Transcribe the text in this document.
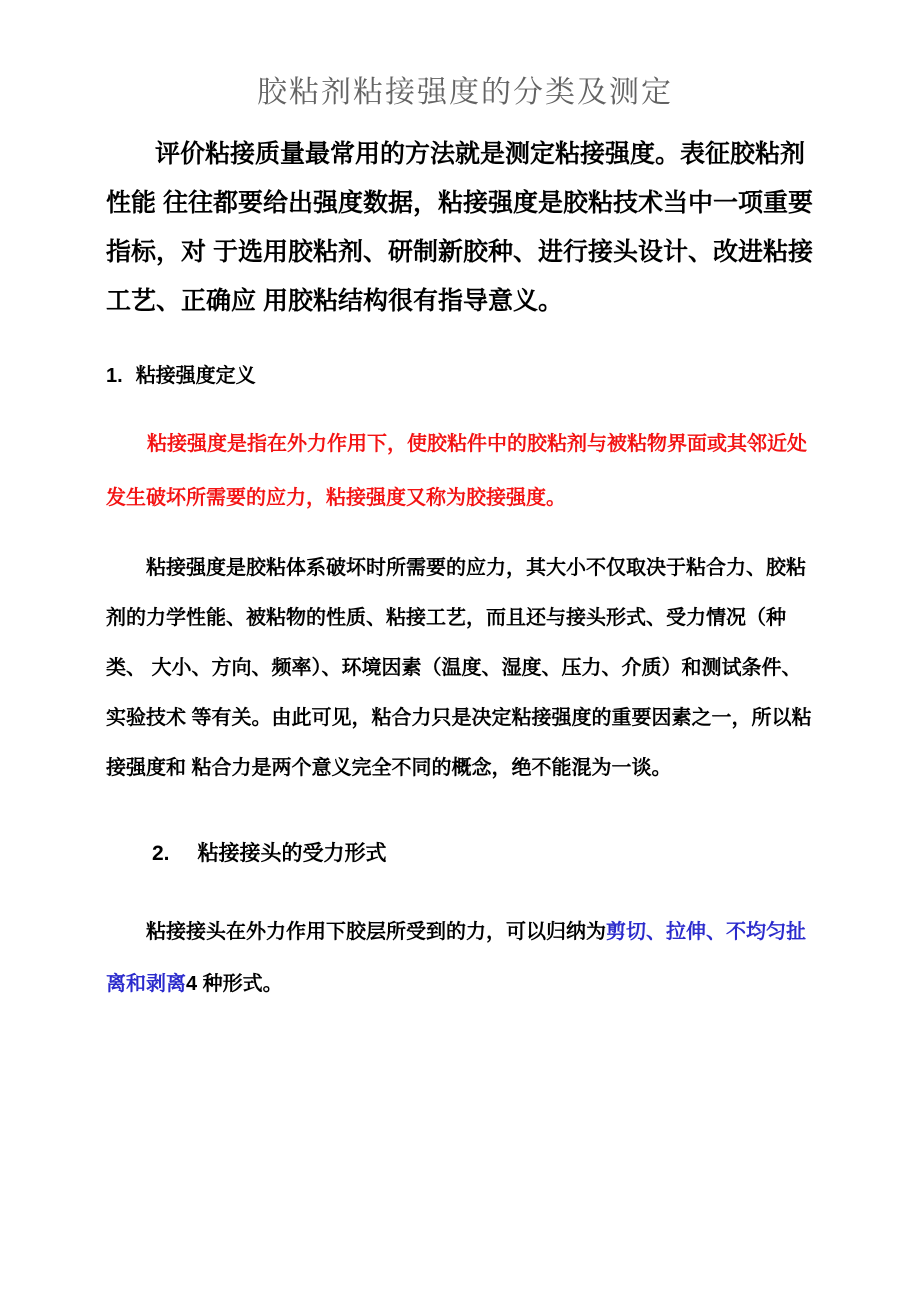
胶粘剂粘接强度的分类及测定
评价粘接质量最常用的方法就是测定粘接强度。表征胶粘剂
性能 往往都要给出强度数据，粘接强度是胶粘技术当中一项重要
指标，对 于选用胶粘剂、研制新胶种、进行接头设计、改进粘接
工艺、正确应 用胶粘结构很有指导意义。
1. 粘接强度定义
粘接强度是指在外力作用下，使胶粘件中的胶粘剂与被粘物界面或其邻近处
发生破坏所需要的应力，粘接强度又称为胶接强度。
粘接强度是胶粘体系破坏时所需要的应力，其大小不仅取决于粘合力、胶粘
剂的力学性能、被粘物的性质、粘接工艺，而且还与接头形式、受力情况（种
类、 大小、方向、频率）、环境因素（温度、湿度、压力、介质）和测试条件、
实验技术 等有关。由此可见，粘合力只是决定粘接强度的重要因素之一，所以粘
接强度和 粘合力是两个意义完全不同的概念，绝不能混为一谈。
2. 粘接接头的受力形式
粘接接头在外力作用下胶层所受到的力，可以归纳为剪切、拉伸、不均匀扯
离和剥离4 种形式。
